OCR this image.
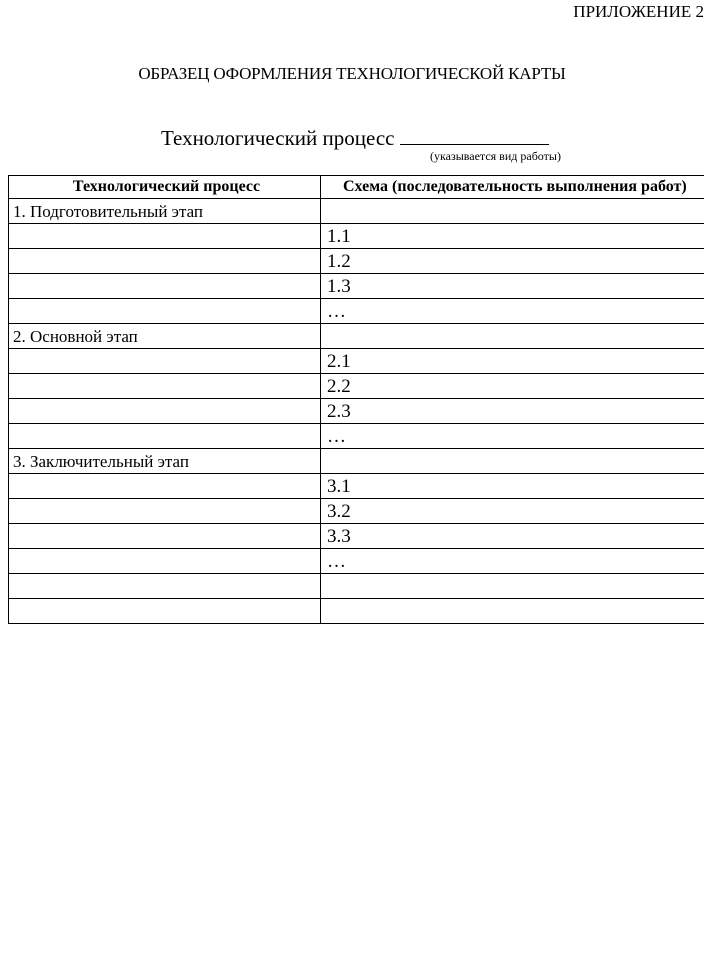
ПРИЛОЖЕНИЕ 2
ОБРАЗЕЦ ОФОРМЛЕНИЯ ТЕХНОЛОГИЧЕСКОЙ КАРТЫ
Технологический процесс
(указывается вид работы)
Технологический процесс	Схема (последовательность выполнения работ)
1. Подготовительный этап	
	1.1
	1.2
	1.3
	…
2. Основной этап	
	2.1
	2.2
	2.3
	…
3. Заключительный этап	
	3.1
	3.2
	3.3
	…
